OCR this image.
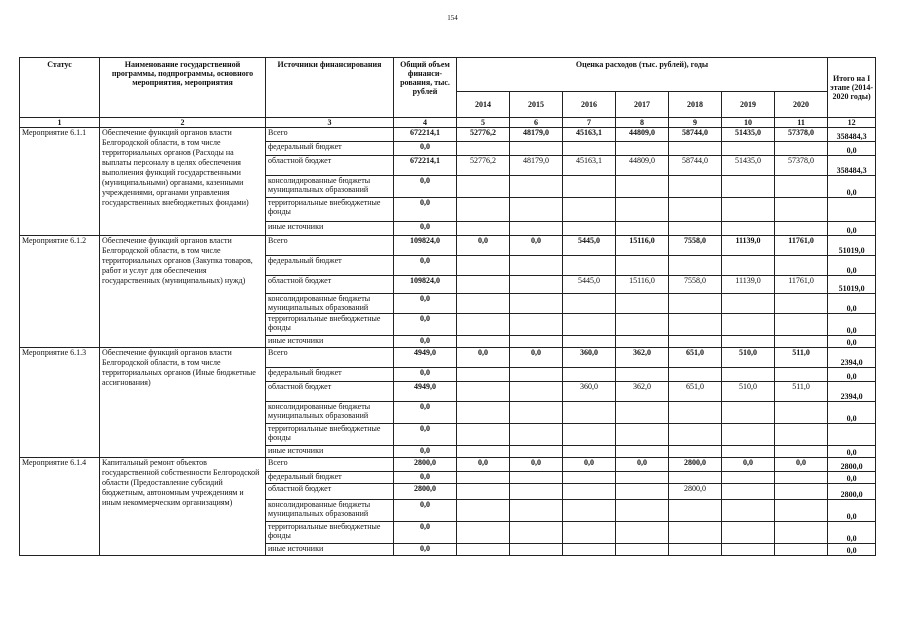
154
Статус	Наименование государственной программы, подпрограммы, основного мероприятия, мероприятия	Источники финансирования	Общий объем финанси-рования, тыс. рублей	Оценка расходов (тыс. рублей), годы							Итого на I этапе (2014-2020 годы)
				2014	2015	2016	2017	2018	2019	2020	
1	2	3	4	5	6	7	8	9	10	11	12
Мероприятие 6.1.1	Обеспечение функций органов власти Белгородской области, в том числе территориальных органов (Расходы на выплаты персоналу в целях обеспечения выполнения функций государственными (муниципальными) органами, казенными учреждениями, органами управления государственных внебюджетных фондами)	Всего	672214,1	52776,2	48179,0	45163,1	44809,0	58744,0	51435,0	57378,0	358484,3
		федеральный бюджет	0,0								0,0
		областной бюджет	672214,1	52776,2	48179,0	45163,1	44809,0	58744,0	51435,0	57378,0	358484,3
		консолидированные бюджеты муниципальных образований	0,0								0,0
		территориальные внебюджетные фонды	0,0								
		иные источники	0,0								0,0
Мероприятие 6.1.2	Обеспечение функций органов власти Белгородской области, в том числе территориальных органов (Закупка товаров, работ и услуг для обеспечения государственных (муниципальных) нужд)	Всего	109824,0	0,0	0,0	5445,0	15116,0	7558,0	11139,0	11761,0	51019,0
		федеральный бюджет	0,0								0,0
		областной бюджет	109824,0			5445,0	15116,0	7558,0	11139,0	11761,0	51019,0
		консолидированные бюджеты муниципальных образований	0,0								0,0
		территориальные внебюджетные фонды	0,0								0,0
		иные источники	0,0								0,0
Мероприятие 6.1.3	Обеспечение функций органов власти Белгородской области, в том числе территориальных органов (Иные бюджетные ассигнования)	Всего	4949,0	0,0	0,0	360,0	362,0	651,0	510,0	511,0	2394,0
		федеральный бюджет	0,0								0,0
		областной бюджет	4949,0			360,0	362,0	651,0	510,0	511,0	2394,0
		консолидированные бюджеты муниципальных образований	0,0								0,0
		территориальные внебюджетные фонды	0,0								
		иные источники	0,0								0,0
Мероприятие 6.1.4	Капитальный ремонт объектов государственной собственности Белгородской области (Предоставление субсидий бюджетным, автономным учреждениям и иным некоммерческим организациям)	Всего	2800,0	0,0	0,0	0,0	0,0	2800,0	0,0	0,0	2800,0
		федеральный бюджет	0,0								0,0
		областной бюджет	2800,0					2800,0			2800,0
		консолидированные бюджеты муниципальных образований	0,0								0,0
		территориальные внебюджетные фонды	0,0								0,0
		иные источники	0,0								0,0
